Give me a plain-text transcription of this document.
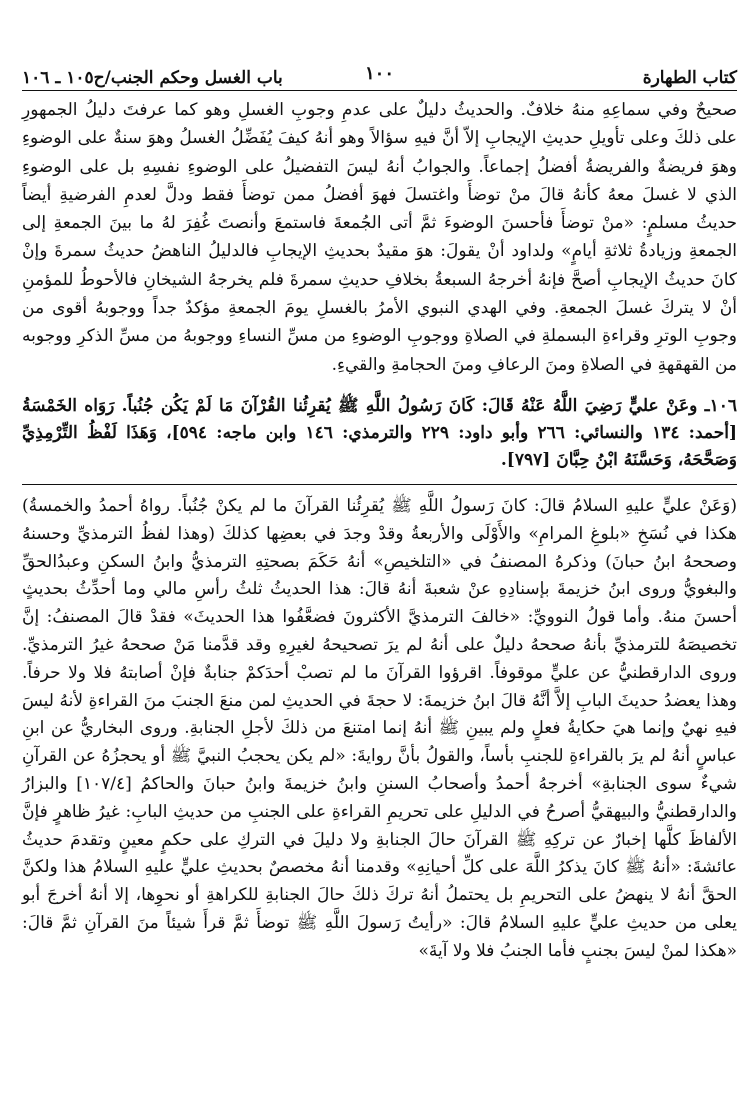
كتاب الطهارة
١٠٠
باب الغسل وحكم الجنب/ح١٠٥ ـ ١٠٦

صحيحٌ وفي سماعِهِ منهُ خلافٌ. والحديثُ دليلٌ على عدمِ وجوبِ الغسلِ وهو كما عرفتَ دليلُ الجمهورِ على ذلكَ وعلى تأويلِ حديثِ الإيجابِ إلاّ أنَّ فيهِ سؤالاً وهو أنهُ كيفَ يُفَضِّلُ الغسلُ وهوَ سنةٌ على الوضوءِ وهوَ فريضةٌ والفريضةُ أفضلُ إجماعاً. والجوابُ أنهُ ليسَ التفضيلُ على الوضوءِ نفسِهِ بل على الوضوءِ الذي لا غسلَ معهُ كأنهُ قالَ منْ توضأَ واغتسلَ فهوَ أفضلُ ممن توضأَ فقط ودلَّ لعدمِ الفرضيةِ أيضاً حديثُ مسلمٍ: «منْ توضأَ فأحسنَ الوضوءَ ثمَّ أتى الجُمعةَ فاستمعَ وأنصتَ غُفِرَ لهُ ما بينَ الجمعةِ إلى الجمعةِ وزيادةُ ثلاثةِ أيامٍ» ولداود أنْ يقولَ: هوَ مقيدٌ بحديثِ الإيجابِ فالدليلُ الناهضُ حديثُ سمرةَ وإنْ كانَ حديثُ الإيجابِ أصحَّ فإنهُ أخرجهُ السبعةُ بخلافِ حديثِ سمرةَ فلم يخرجهُ الشيخانِ فالأحوطُ للمؤمنِ أنْ لا يتركَ غسلَ الجمعةِ. وفي الهدي النبوي الأمرُ بالغسلِ يومَ الجمعةِ مؤكدٌ جداً ووجوبهُ أقوى من وجوبِ الوترِ وقراءةِ البسملةِ في الصلاةِ ووجوبِ الوضوءِ من مسِّ النساءِ ووجوبهُ من مسِّ الذكرِ ووجوبه من القهقهةِ في الصلاةِ ومنَ الرعافِ ومنَ الحجامةِ والقيءِ.

١٠٦ـ وعَنْ عليٍّ رَضِيَ اللَّهُ عَنْهُ قَالَ: كَانَ رَسُولُ اللَّهِ ﷺ يُقرِئُنا القُرْآنَ مَا لَمْ يَكُن جُنُباً. رَوَاه الخَمْسَةُ [أحمد: ١٣٤ والنسائي: ٢٦٦ وأبو داود: ٢٢٩ والترمذي: ١٤٦ وابن ماجه: ٥٩٤]، وَهَذَا لَفْظُ التِّرْمِذِيِّ وَصَحَّحَهُ، وَحَسَّنَهُ ابْنُ حِبَّانَ [٧٩٧].

(وَعَنْ عليٍّ عليهِ السلامُ قالَ: كانَ رَسولُ اللَّهِ ﷺ يُقرِئُنا القرآنَ ما لم يكنْ جُنُباً. رواهُ أحمدُ والخمسةُ) هكذا في نُسَخِ «بلوغِ المرامِ» والأَوْلَى والأربعةُ وقدْ وجدَ في بعضِها كذلكَ (وهذا لفظُ الترمذيِّ وحسنهُ وصححهُ ابنُ حبانَ) وذكرهُ المصنفُ في «التلخيصِ» أنهُ حَكَمَ بصحتِهِ الترمذيُّ وابنُ السكنِ وعبدُالحقِّ والبغويُّ وروى ابنُ خزيمةَ بإسنادِهِ عنْ شعبةَ أنهُ قالَ: هذا الحديثُ ثلثُ رأسِ مالي وما أحدِّثُ بحديثٍ أحسنَ منهُ. وأما قولُ النوويِّ: «خالفَ الترمذيَّ الأكثرونَ فضعَّفُوا هذا الحديثَ» فقدْ قالَ المصنفُ: إنَّ تخصيصَهُ للترمذيِّ بأنهُ صححهُ دليلٌ على أنهُ لم يرَ تصحيحهُ لغيرِهِ وقد قدَّمنا مَنْ صححهُ غيرُ الترمذيِّ. وروى الدارقطنيُّ عن عليٍّ موقوفاً. اقرؤوا القرآنَ ما لم تصبْ أحدَكمْ جنابةٌ فإنْ أصابتهُ فلا ولا حرفاً. وهذا يعضدُ حديثَ البابِ إلاَّ أنَّهُ قالَ ابنُ خزيمةَ: لا حجةَ في الحديثِ لمن منعَ الجنبَ منَ القراءةِ لأنهُ ليسَ فيهِ نهيٌ وإنما هيَ حكايةُ فعلٍ ولم يبينِ ﷺ أنهُ إنما امتنعَ من ذلكَ لأجلِ الجنابةِ. وروى البخاريُّ عن ابنِ عباسٍ أنهُ لم يرَ بالقراءةِ للجنبِ بأساً، والقولُ بأنَّ روايةَ: «لم يكن يحجبُ النبيَّ ﷺ أو يحجزُهُ عن القرآنِ شيءٌ سوى الجنابةِ» أخرجهُ أحمدُ وأصحابُ السننِ وابنُ خزيمةَ وابنُ حبانَ والحاكمُ [١٠٧/٤] والبزارُ والدارقطنيُّ والبيهقيُّ أصرحُ في الدليلِ على تحريمِ القراءةِ على الجنبِ من حديثِ البابِ: غيرُ ظاهرٍ فإنَّ الألفاظَ كلَّها إخبارٌ عن تركِهِ ﷺ القرآنَ حالَ الجنابةِ ولا دليلَ في التركِ على حكمٍ معينٍ وتقدمَ حديثُ عائشةَ: «أنهُ ﷺ كانَ يذكرُ اللَّهَ على كلِّ أحيانِهِ» وقدمنا أنهُ مخصصٌ بحديثِ عليٍّ عليهِ السلامُ هذا ولكنَّ الحقَّ أنهُ لا ينهضُ على التحريمِ بل يحتملُ أنهُ تركَ ذلكَ حالَ الجنابةِ للكراهةِ أو نحوِها، إلا أنهُ أخرجَ أبو يعلى من حديثِ عليٍّ عليهِ السلامُ قالَ: «رأيتُ رَسولَ اللَّهِ ﷺ توضأَ ثمَّ قرأَ شيئاً منَ القرآنِ ثمَّ قالَ: «هكذا لمنْ ليسَ بجنبٍ فأما الجنبُ فلا ولا آيةَ»
